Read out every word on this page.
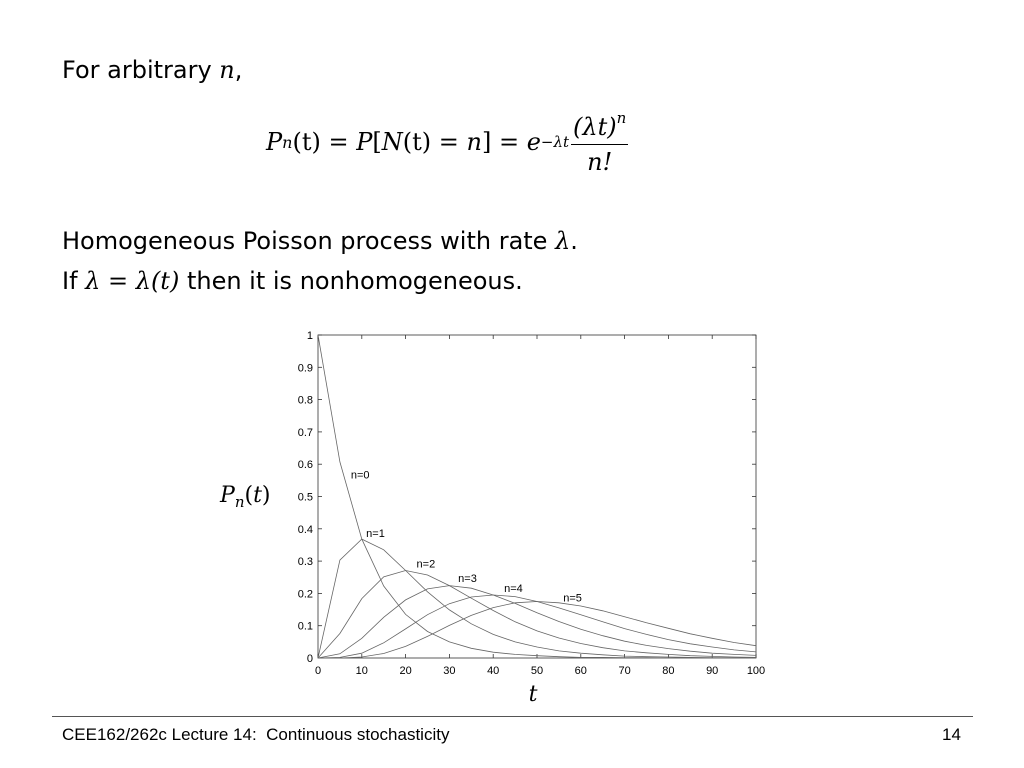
For arbitrary n,
P n (t) = P [ N (t) = n ] = $e -\lambda t \frac{(\lambda t)^n}{n!}$
Homogeneous Poisson process with rate λ.
If λ = λ(t) then it is nonhomogeneous.
0	10	20	30	40	50	60	70	80	90	100
0
0.1
0.2
0.3
0.4
0.5
0.6
0.7
0.8
0.9
1
n=0
n=1
n=2
n=3
n=4
n=5
$P_n(t)$
t
CEE162/262c Lecture 14:  Continuous stochasticity	14
